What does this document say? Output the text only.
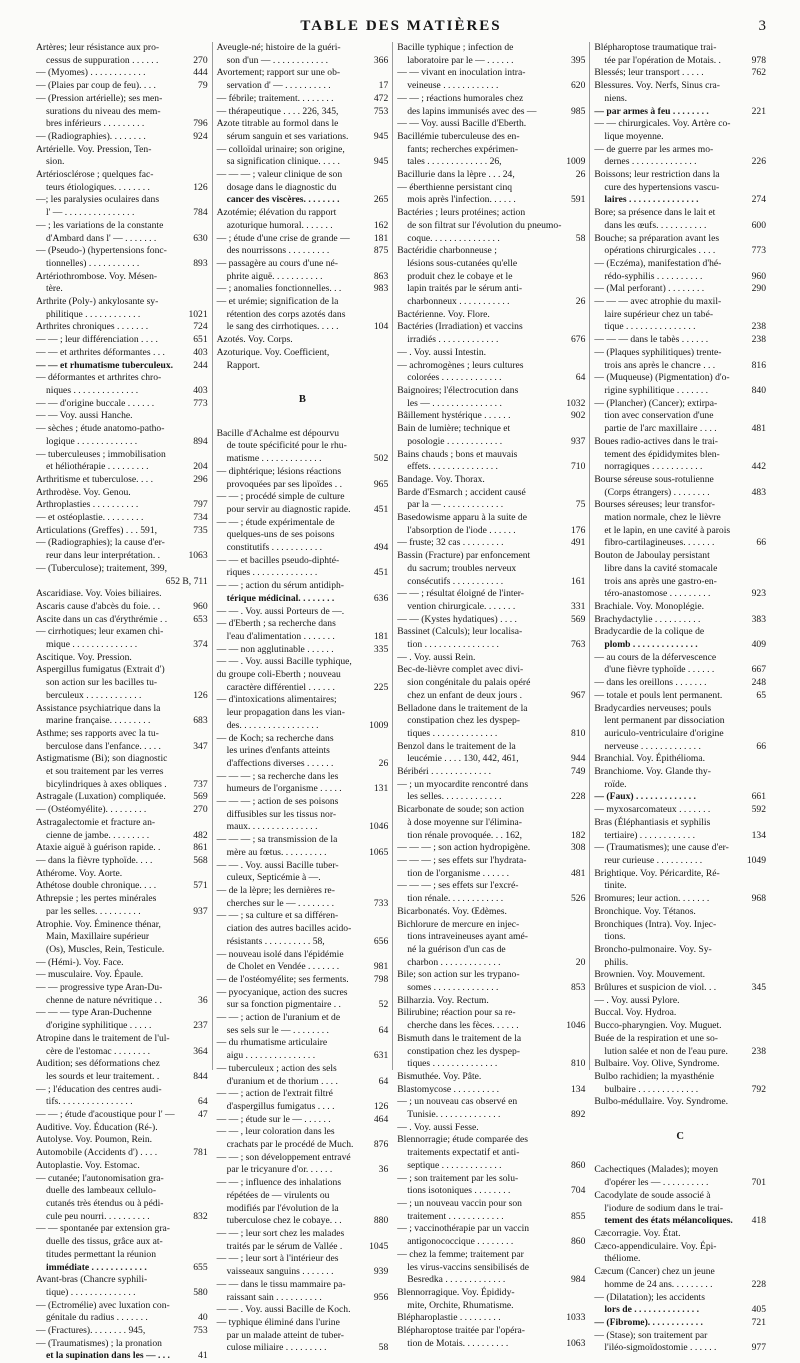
TABLE DES MATIÈRES	3
Artères; leur résistance aux pro-
cessus de suppuration . . . . . .	270
— (Myomes) . . . . . . . . . . . .	444
— (Plaies par coup de feu). . . .	79
— (Pression artérielle); ses men-
surations du niveau des mem-
bres inférieurs . . . . . . . . .	796
— (Radiographies). . . . . . . .	924
Artérielle. Voy. Pression, Ten-
sion.
Artériosclérose ; quelques fac-
teurs étiologiques. . . . . . . .	126
—; les paralysies oculaires dans
l' — . . . . . . . . . . . . . . .	784
— ; les variations de la constante
d'Ambard dans l' — . . . . . . .	630
— (Pseudo-) (hypertensions fonc-
tionnelles) . . . . . . . . . . .	893
Artériothrombose. Voy. Mésen-
tère.
Arthrite (Poly-) ankylosante sy-
philitique . . . . . . . . . . . .	1021
Arthrites chroniques . . . . . . .	724
— — ; leur différenciation . . . .	651
— — et arthrites déformantes . . .	403
— — et rhumatisme tuberculeux.	244
— déformantes et arthrites chro-
niques . . . . . . . . . . . . . .	403
— — d'origine buccale . . . . . .	773
— — Voy. aussi Hanche.
— sèches ; étude anatomo-patho-
logique . . . . . . . . . . . . .	894
— tuberculeuses ; immobilisation
et héliothérapie . . . . . . . . .	204
Arthritisme et tuberculose. . . .	296
Arthrodèse. Voy. Genou.
Arthroplasties . . . . . . . . . .	797
— et ostéoplastie. . . . . . . . .	734
Articulations (Greffes) . . . 591,	735
— (Radiographies); la cause d'er-
reur dans leur interprétation. .	1063
— (Tuberculose); traitement, 399,
652 B, 711
Ascaridiase. Voy. Voies biliaires.
Ascaris cause d'abcès du foie. . .	960
Ascite dans un cas d'érythrémie . .	653
— cirrhotiques; leur examen chi-
mique . . . . . . . . . . . . . .	374
Ascitique. Voy. Pression.
Aspergillus fumigatus (Extrait d')
son action sur les bacilles tu-
berculeux . . . . . . . . . . . .	126
Assistance psychiatrique dans la
marine française. . . . . . . . .	683
Asthme; ses rapports avec la tu-
berculose dans l'enfance. . . . .	347
Astigmatisme (Bi); son diagnostic
et sou traitement par les verres
bicylindriques à axes obliques .	737
Astragale (Luxation) compliquée.	569
— (Ostéomyélite). . . . . . . . .	270
Astragalectomie et fracture an-
cienne de jambe. . . . . . . . .	482
Ataxie aiguë à guérison rapide. .	861
— dans la fièvre typhoïde. . . .	568
Athérome. Voy. Aorte.
Athétose double chronique. . . .	571
Athrepsie ; les pertes minérales
par les selles. . . . . . . . . .	937
Atrophie. Voy. Éminence thénar,
Main, Maxillaire supérieur
(Os), Muscles, Rein, Testicule.
— (Hémi-). Voy. Face.
— musculaire. Voy. Épaule.
— — progressive type Aran-Du-
chenne de nature névritique . .	36
— — — type Aran-Duchenne
d'origine syphilitique . . . . .	237
Atropine dans le traitement de l'ul-
cère de l'estomac . . . . . . . .	364
Audition; ses déformations chez
les sourds et leur traitement. .	844
— ; l'éducation des centres audi-
tifs. . . . . . . . . . . . . . . .	64
— — ; étude d'acoustique pour l' —	47
Auditive. Voy. Éducation (Ré-).
Autolyse. Voy. Poumon, Rein.
Automobile (Accidents d') . . . .	781
Autoplastie. Voy. Estomac.
— cutanée; l'autonomisation gra-
duelle des lambeaux cellulo-
cutanés très étendus ou à pédi-
cule peu nourri. . . . . . . . . .	832
— — spontanée par extension gra-
duelle des tissus, grâce aux at-
titudes permettant la réunion
immédiate . . . . . . . . . . . .	655
Avant-bras (Chancre syphili-
tique) . . . . . . . . . . . . . .	580
— (Ectromélie) avec luxation con-
génitale du radius . . . . . . .	40
— (Fractures). . . . . . . . 945,	753
— (Traumatismes) ; la pronation
et la supination dans les — . . .	41
Aveugle-né; histoire de la guéri-
son d'un — . . . . . . . . . . . .	366
Avortement; rapport sur une ob-
servation d' — . . . . . . . . . .	17
— fébrile; traitement. . . . . . . .	472
— thérapeutique . . . . 226, 345,	753
Azote titrable au formol dans le
sérum sanguin et ses variations.	945
— colloïdal urinaire; son origine,
sa signification clinique. . . . .	945
— — — ; valeur clinique de son
dosage dans le diagnostic du
cancer des viscères. . . . . . . .	265
Azotémie; élévation du rapport
azoturique humoral. . . . . . .	162
— ; étude d'une crise de grande —	181
des nourrissons . . . . . . . . .	875
— passagère au cours d'une né-
phrite aiguë. . . . . . . . . . .	863
— ; anomalies fonctionnelles. . .	983
— et urémie; signification de la
rétention des corps azotés dans
le sang des cirrhotiques. . . . .	104
Azotés. Voy. Corps.
Azoturique. Voy. Coefficient,
Rapport.

B

Bacille d'Achalme est dépourvu
de toute spécificité pour le rhu-
matisme . . . . . . . . . . . . .	502
— diphtérique; lésions réactions
provoquées par ses lipoïdes . .	965
— — ; procédé simple de culture
pour servir au diagnostic rapide.	451
— — ; étude expérimentale de
quelques-uns de ses poisons
constitutifs . . . . . . . . . . .	494
— — et bacilles pseudo-diphté-
riques . . . . . . . . . . . . . .	451
— — ; action du sérum antidiph-
térique médicinal. . . . . . . .	636
— — . Voy. aussi Porteurs de —.
— d'Eberth ; sa recherche dans
l'eau d'alimentation . . . . . . .	181
— — non agglutinable . . . . . .	335
— — . Voy. aussi Bacille typhique,
du groupe coli-Eberth ; nouveau
caractère différentiel . . . . . .	225
— d'intoxications alimentaires;
leur propagation dans les vian-
des. . . . . . . . . . . . . . . . .	1009
— de Koch; sa recherche dans
les urines d'enfants atteints
d'affections diverses . . . . . .	26
— — — ; sa recherche dans les
humeurs de l'organisme . . . . .	131
— — — ; action de ses poisons
diffusibles sur les tissus nor-
maux. . . . . . . . . . . . . . .	1046
— — — ; sa transmission de la
mère au fœtus. . . . . . . . . .	1065
— — . Voy. aussi Bacille tuber-
culeux, Septicémie à —.
— de la lèpre; les dernières re-
cherches sur le — . . . . . . . .	733
— — ; sa culture et sa différen-
ciation des autres bacilles acido-
résistants . . . . . . . . . . 58,	656
— nouveau isolé dans l'épidémie
de Cholet en Vendée . . . . . . .	981
— de l'ostéomyélite; ses ferments.	798
— pyocyanique, action des sucres
sur sa fonction pigmentaire . .	52
— — ; action de l'uranium et de
ses sels sur le — . . . . . . . .	64
— du rhumatisme articulaire
aigu . . . . . . . . . . . . . . .	631
— tuberculeux ; action des sels
d'uranium et de thorium . . . .	64
— — ; action de l'extrait filtré
d'aspergillus fumigatus . . . .	126
— — ; étude sur le — . . . . . .	464
— — , leur coloration dans les
crachats par le procédé de Much.	876
— — ; son développement entravé
par le tricyanure d'or. . . . . .	36
— — ; influence des inhalations
répétées de — virulents ou
modifiés par l'évolution de la
tuberculose chez le cobaye. . .	880
— — ; leur sort chez les malades
traités par le sérum de Vallée .	1045
— — ; leur sort à l'intérieur des
vaisseaux sanguins . . . . . . .	939
— — dans le tissu mammaire pa-
raissant sain . . . . . . . . . .	956
— — . Voy. aussi Bacille de Koch.
— typhique éliminé dans l'urine
par un malade atteint de tuber-
culose miliaire . . . . . . . . .	58
Bacille typhique ; infection de
laboratoire par le — . . . . . .	395
— — vivant en inoculation intra-
veineuse . . . . . . . . . . . .	620
— — ; réactions humorales chez
des lapins immunisés avec des —	985
— — Voy. aussi Bacille d'Eberth.
Bacillémie tuberculeuse des en-
fants; recherches expérimen-
tales . . . . . . . . . . . . . 26,	1009
Bacillurie dans la lèpre . . . 24,	26
— éberthienne persistant cinq
mois après l'infection. . . . . .	591
Bactéries ; leurs protéines; action
de son filtrat sur l'évolution du pneumo-
coque. . . . . . . . . . . . . . .	58
Bactéridie charbonneuse ;
lésions sous-cutanées qu'elle
produit chez le cobaye et le
lapin traités par le sérum anti-
charbonneux . . . . . . . . . . .	26
Bactérienne. Voy. Flore.
Bactéries (Irradiation) et vaccins
irradiés . . . . . . . . . . . . .	676
— . Voy. aussi Intestin.
— achromogènes ; leurs cultures
colorées . . . . . . . . . . . . .	64
Baignoires; l'électrocution dans
les — . . . . . . . . . . . . . . .	1032
Bâillement hystérique . . . . . .	902
Bain de lumière; technique et
posologie . . . . . . . . . . . .	937
Bains chauds ; bons et mauvais
effets. . . . . . . . . . . . . . .	710
Bandage. Voy. Thorax.
Barde d'Esmarch ; accident causé
par la — . . . . . . . . . . . . .	75
Basedowisme apparu à la suite de
l'absorption de l'iode . . . . . .	176
— fruste; 32 cas . . . . . . . . .	491
Bassin (Fracture) par enfoncement
du sacrum; troubles nerveux
consécutifs . . . . . . . . . . .	161
— — ; résultat éloigné de l'inter-
vention chirurgicale. . . . . . .	331
— — (Kystes hydatiques) . . . .	569
Bassinet (Calculs); leur localisa-
tion . . . . . . . . . . . . . . . .	763
— . Voy. aussi Rein.
Bec-de-lièvre complet avec divi-
sion congénitale du palais opéré
chez un enfant de deux jours .	967
Belladone dans le traitement de la
constipation chez les dyspep-
tiques . . . . . . . . . . . . . .	810
Benzol dans le traitement de la
leucémie . . . . 130, 442, 461,	944
Béribéri . . . . . . . . . . . . .	749
— ; un myocardite rencontré dans
les selles. . . . . . . . . . . . .	228
Bicarbonate de soude; son action
à dose moyenne sur l'élimina-
tion rénale provoquée. . . 162,	182
— — — ; son action hydropigène.	308
— — — ; ses effets sur l'hydrata-
tion de l'organisme . . . . . .	481
— — — ; ses effets sur l'excré-
tion rénale. . . . . . . . . . . .	526
Bicarbonatés. Voy. Œdèmes.
Bichlorure de mercure en injec-
tions intraveineuses ayant amé-
né la guérison d'un cas de
charbon . . . . . . . . . . . . .	20
Bile; son action sur les trypano-
somes . . . . . . . . . . . . . .	853
Bilharzia. Voy. Rectum.
Bilirubine; réaction pour sa re-
cherche dans les fèces. . . . . .	1046
Bismuth dans le traitement de la
constipation chez les dyspep-
tiques . . . . . . . . . . . . . .	810
Bismuthée. Voy. Pâte.
Blastomycose . . . . . . . . . .	134
— ; un nouveau cas observé en
Tunisie. . . . . . . . . . . . . .	892
— . Voy. aussi Fesse.
Blennorragie; étude comparée des
traitements expectatif et anti-
septique . . . . . . . . . . . . .	860
— ; son traitement par les solu-
tions isotoniques . . . . . . . .	704
— ; un nouveau vaccin pour son
traitement . . . . . . . . . . . .	855
— ; vaccinothérapie par un vaccin
antigonococcique . . . . . . . .	860
— chez la femme; traitement par
les virus-vaccins sensibilisés de
Besredka . . . . . . . . . . . . .	984
Blennorragique. Voy. Épididy-
mite, Orchite, Rhumatisme.
Blépharoplastie . . . . . . . . .	1033
Blépharoptose traitée par l'opéra-
tion de Motais. . . . . . . . . .	1063
Blépharoptose traumatique trai-
tée par l'opération de Motais. .	978
Blessés; leur transport . . . . .	762
Blessures. Voy. Nerfs, Sinus cra-
niens.
— par armes à feu . . . . . . . .	221
— — chirurgicales. Voy. Artère co-
lique moyenne.
— de guerre par les armes mo-
dernes . . . . . . . . . . . . . .	226
Boissons; leur restriction dans la
cure des hypertensions vascu-
laires . . . . . . . . . . . . . . .	274
Bore; sa présence dans le lait et
dans les œufs. . . . . . . . . . .	600
Bouche; sa préparation avant les
opérations chirurgicales . . . .	773
— (Eczéma), manifestation d'hé-
rédo-syphilis . . . . . . . . . .	960
— (Mal perforant) . . . . . . . .	290
— — — avec atrophie du maxil-
laire supérieur chez un tabé-
tique . . . . . . . . . . . . . . .	238
— — — dans le tabès . . . . . .	238
— (Plaques syphilitiques) trente-
trois ans après le chancre . . .	816
— (Muqueuse) (Pigmentation) d'o-
rigine syphilitique . . . . . . .	840
— (Plancher) (Cancer); extirpa-
tion avec conservation d'une
partie de l'arc maxillaire . . . .	481
Boues radio-actives dans le trai-
tement des épididymites blen-
norragiques . . . . . . . . . . .	442
Bourse séreuse sous-rotulienne
(Corps étrangers) . . . . . . . .	483
Bourses séreuses; leur transfor-
mation normale, chez le lièvre
et le lapin, en une cavité à parois
fibro-cartilagineuses. . . . . . .	66
Bouton de Jaboulay persistant
libre dans la cavité stomacale
trois ans après une gastro-en-
téro-anastomose . . . . . . . . .	923
Brachiale. Voy. Monoplégie.
Brachydactylie . . . . . . . . . .	383
Bradycardie de la colique de
plomb . . . . . . . . . . . . . .	409
— au cours de la défervescence
d'une fièvre typhoïde . . . . . .	667
— dans les oreillons . . . . . . .	248
— totale et pouls lent permanent.	65
Bradycardies nerveuses; pouls
lent permanent par dissociation
auriculo-ventriculaire d'origine
nerveuse . . . . . . . . . . . . .	66
Branchial. Voy. Épithélioma.
Branchiome. Voy. Glande thy-
roïde.
— (Faux) . . . . . . . . . . . . .	661
— myxosarcomateux . . . . . . .	592
Bras (Éléphantiasis et syphilis
tertiaire) . . . . . . . . . . . .	134
— (Traumatismes); une cause d'er-
reur curieuse . . . . . . . . . .	1049
Brightique. Voy. Péricardite, Ré-
tinite.
Bromures; leur action. . . . . . .	968
Bronchique. Voy. Tétanos.
Bronchiques (Intra). Voy. Injec-
tions.
Broncho-pulmonaire. Voy. Sy-
philis.
Brownien. Voy. Mouvement.
Brûlures et suspicion de viol. . .	345
— . Voy. aussi Pylore.
Buccal. Voy. Hydroa.
Bucco-pharyngien. Voy. Muguet.
Buée de la respiration et une so-
lution salée et non de l'eau pure.	238
Bulbaire. Voy. Olive, Syndrome.
Bulbo rachidien; la myasthénie
bulbaire . . . . . . . . . . . . .	792
Bulbo-médullaire. Voy. Syndrome.

C

Cachectiques (Malades); moyen
d'opérer les — . . . . . . . . . .	701
Cacodylate de soude associé à
l'iodure de sodium dans le trai-
tement des états mélancoliques.	418
Cæcorragie. Voy. État.
Cæco-appendiculaire. Voy. Épi-
théliome.
Cæcum (Cancer) chez un jeune
homme de 24 ans. . . . . . . . .	228
— (Dilatation); les accidents
lors de . . . . . . . . . . . . . .	405
— (Fibrome). . . . . . . . . . . .	721
— (Stase); son traitement par
l'iléo-sigmoïdostomie . . . . . .	977
